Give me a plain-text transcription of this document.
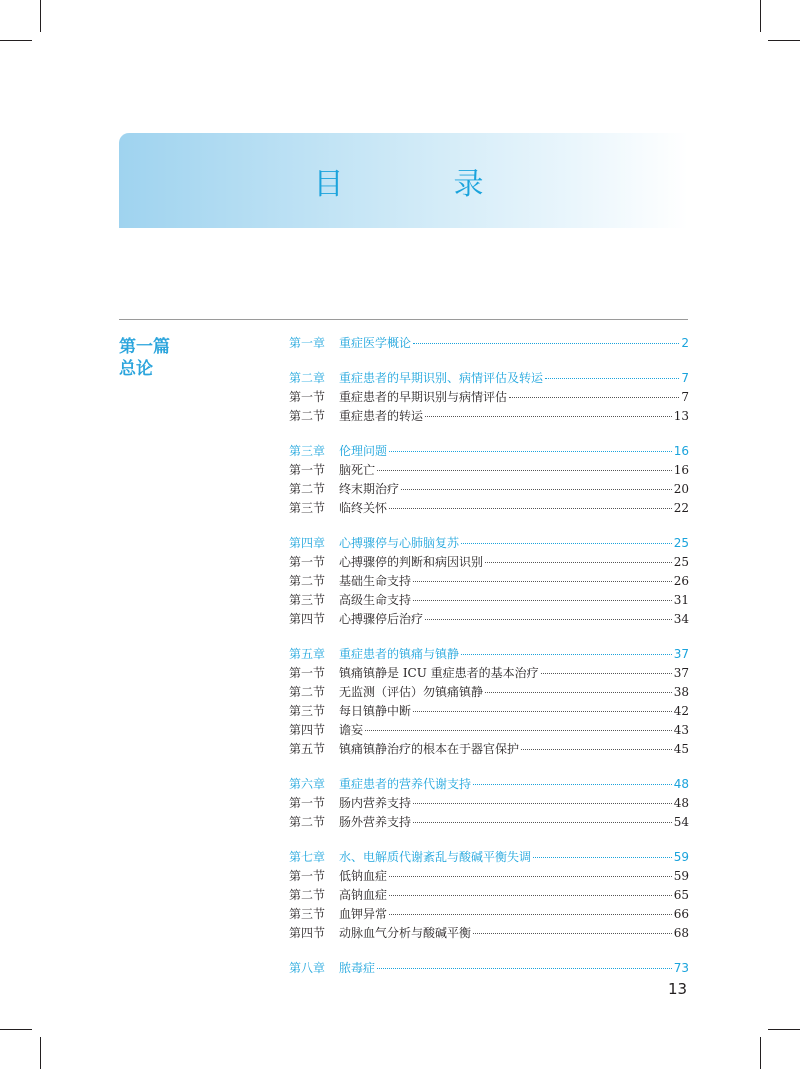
目　录
第一篇
总论
第一章	重症医学概论	2
第二章	重症患者的早期识别、病情评估及转运	7
第一节	重症患者的早期识别与病情评估	7
第二节	重症患者的转运	13
第三章	伦理问题	16
第一节	脑死亡	16
第二节	终末期治疗	20
第三节	临终关怀	22
第四章	心搏骤停与心肺脑复苏	25
第一节	心搏骤停的判断和病因识别	25
第二节	基础生命支持	26
第三节	高级生命支持	31
第四节	心搏骤停后治疗	34
第五章	重症患者的镇痛与镇静	37
第一节	镇痛镇静是 ICU 重症患者的基本治疗	37
第二节	无监测（评估）勿镇痛镇静	38
第三节	每日镇静中断	42
第四节	谵妄	43
第五节	镇痛镇静治疗的根本在于器官保护	45
第六章	重症患者的营养代谢支持	48
第一节	肠内营养支持	48
第二节	肠外营养支持	54
第七章	水、电解质代谢紊乱与酸碱平衡失调	59
第一节	低钠血症	59
第二节	高钠血症	65
第三节	血钾异常	66
第四节	动脉血气分析与酸碱平衡	68
第八章	脓毒症	73
13
